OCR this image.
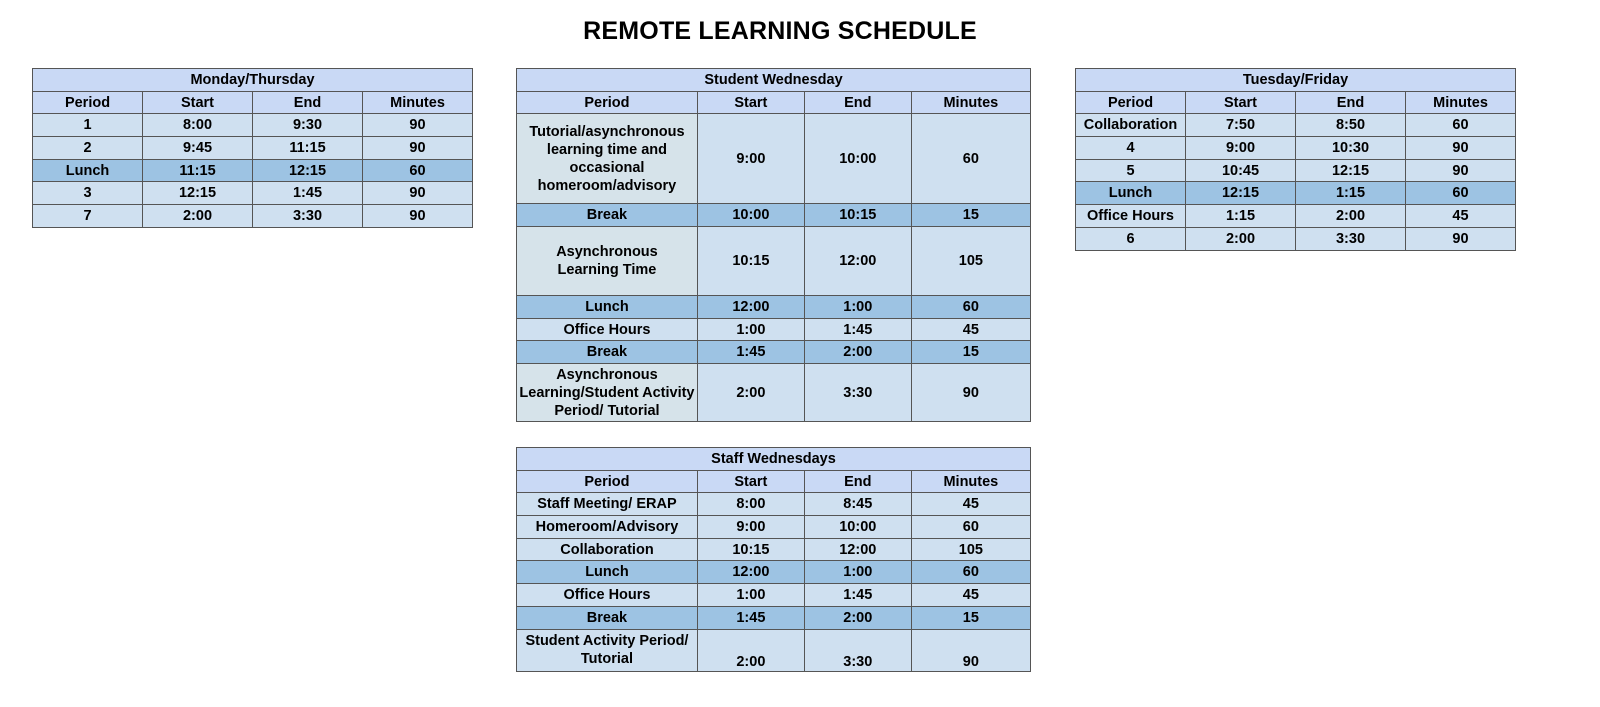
REMOTE LEARNING SCHEDULE
Monday/Thursday			
Period	Start	End	Minutes
1	8:00	9:30	90
2	9:45	11:15	90
Lunch	11:15	12:15	60
3	12:15	1:45	90
7	2:00	3:30	90
Student Wednesday			
Period	Start	End	Minutes
Tutorial/asynchronous learning time and occasional homeroom/advisory	9:00	10:00	60
Break	10:00	10:15	15
Asynchronous Learning Time	10:15	12:00	105
Lunch	12:00	1:00	60
Office Hours	1:00	1:45	45
Break	1:45	2:00	15
Asynchronous Learning/Student Activity Period/ Tutorial	2:00	3:30	90
Tuesday/Friday			
Period	Start	End	Minutes
Collaboration	7:50	8:50	60
4	9:00	10:30	90
5	10:45	12:15	90
Lunch	12:15	1:15	60
Office Hours	1:15	2:00	45
6	2:00	3:30	90
Staff Wednesdays			
Period	Start	End	Minutes
Staff Meeting/ ERAP	8:00	8:45	45
Homeroom/Advisory	9:00	10:00	60
Collaboration	10:15	12:00	105
Lunch	12:00	1:00	60
Office Hours	1:00	1:45	45
Break	1:45	2:00	15
Student Activity Period/ Tutorial	2:00	3:30	90
